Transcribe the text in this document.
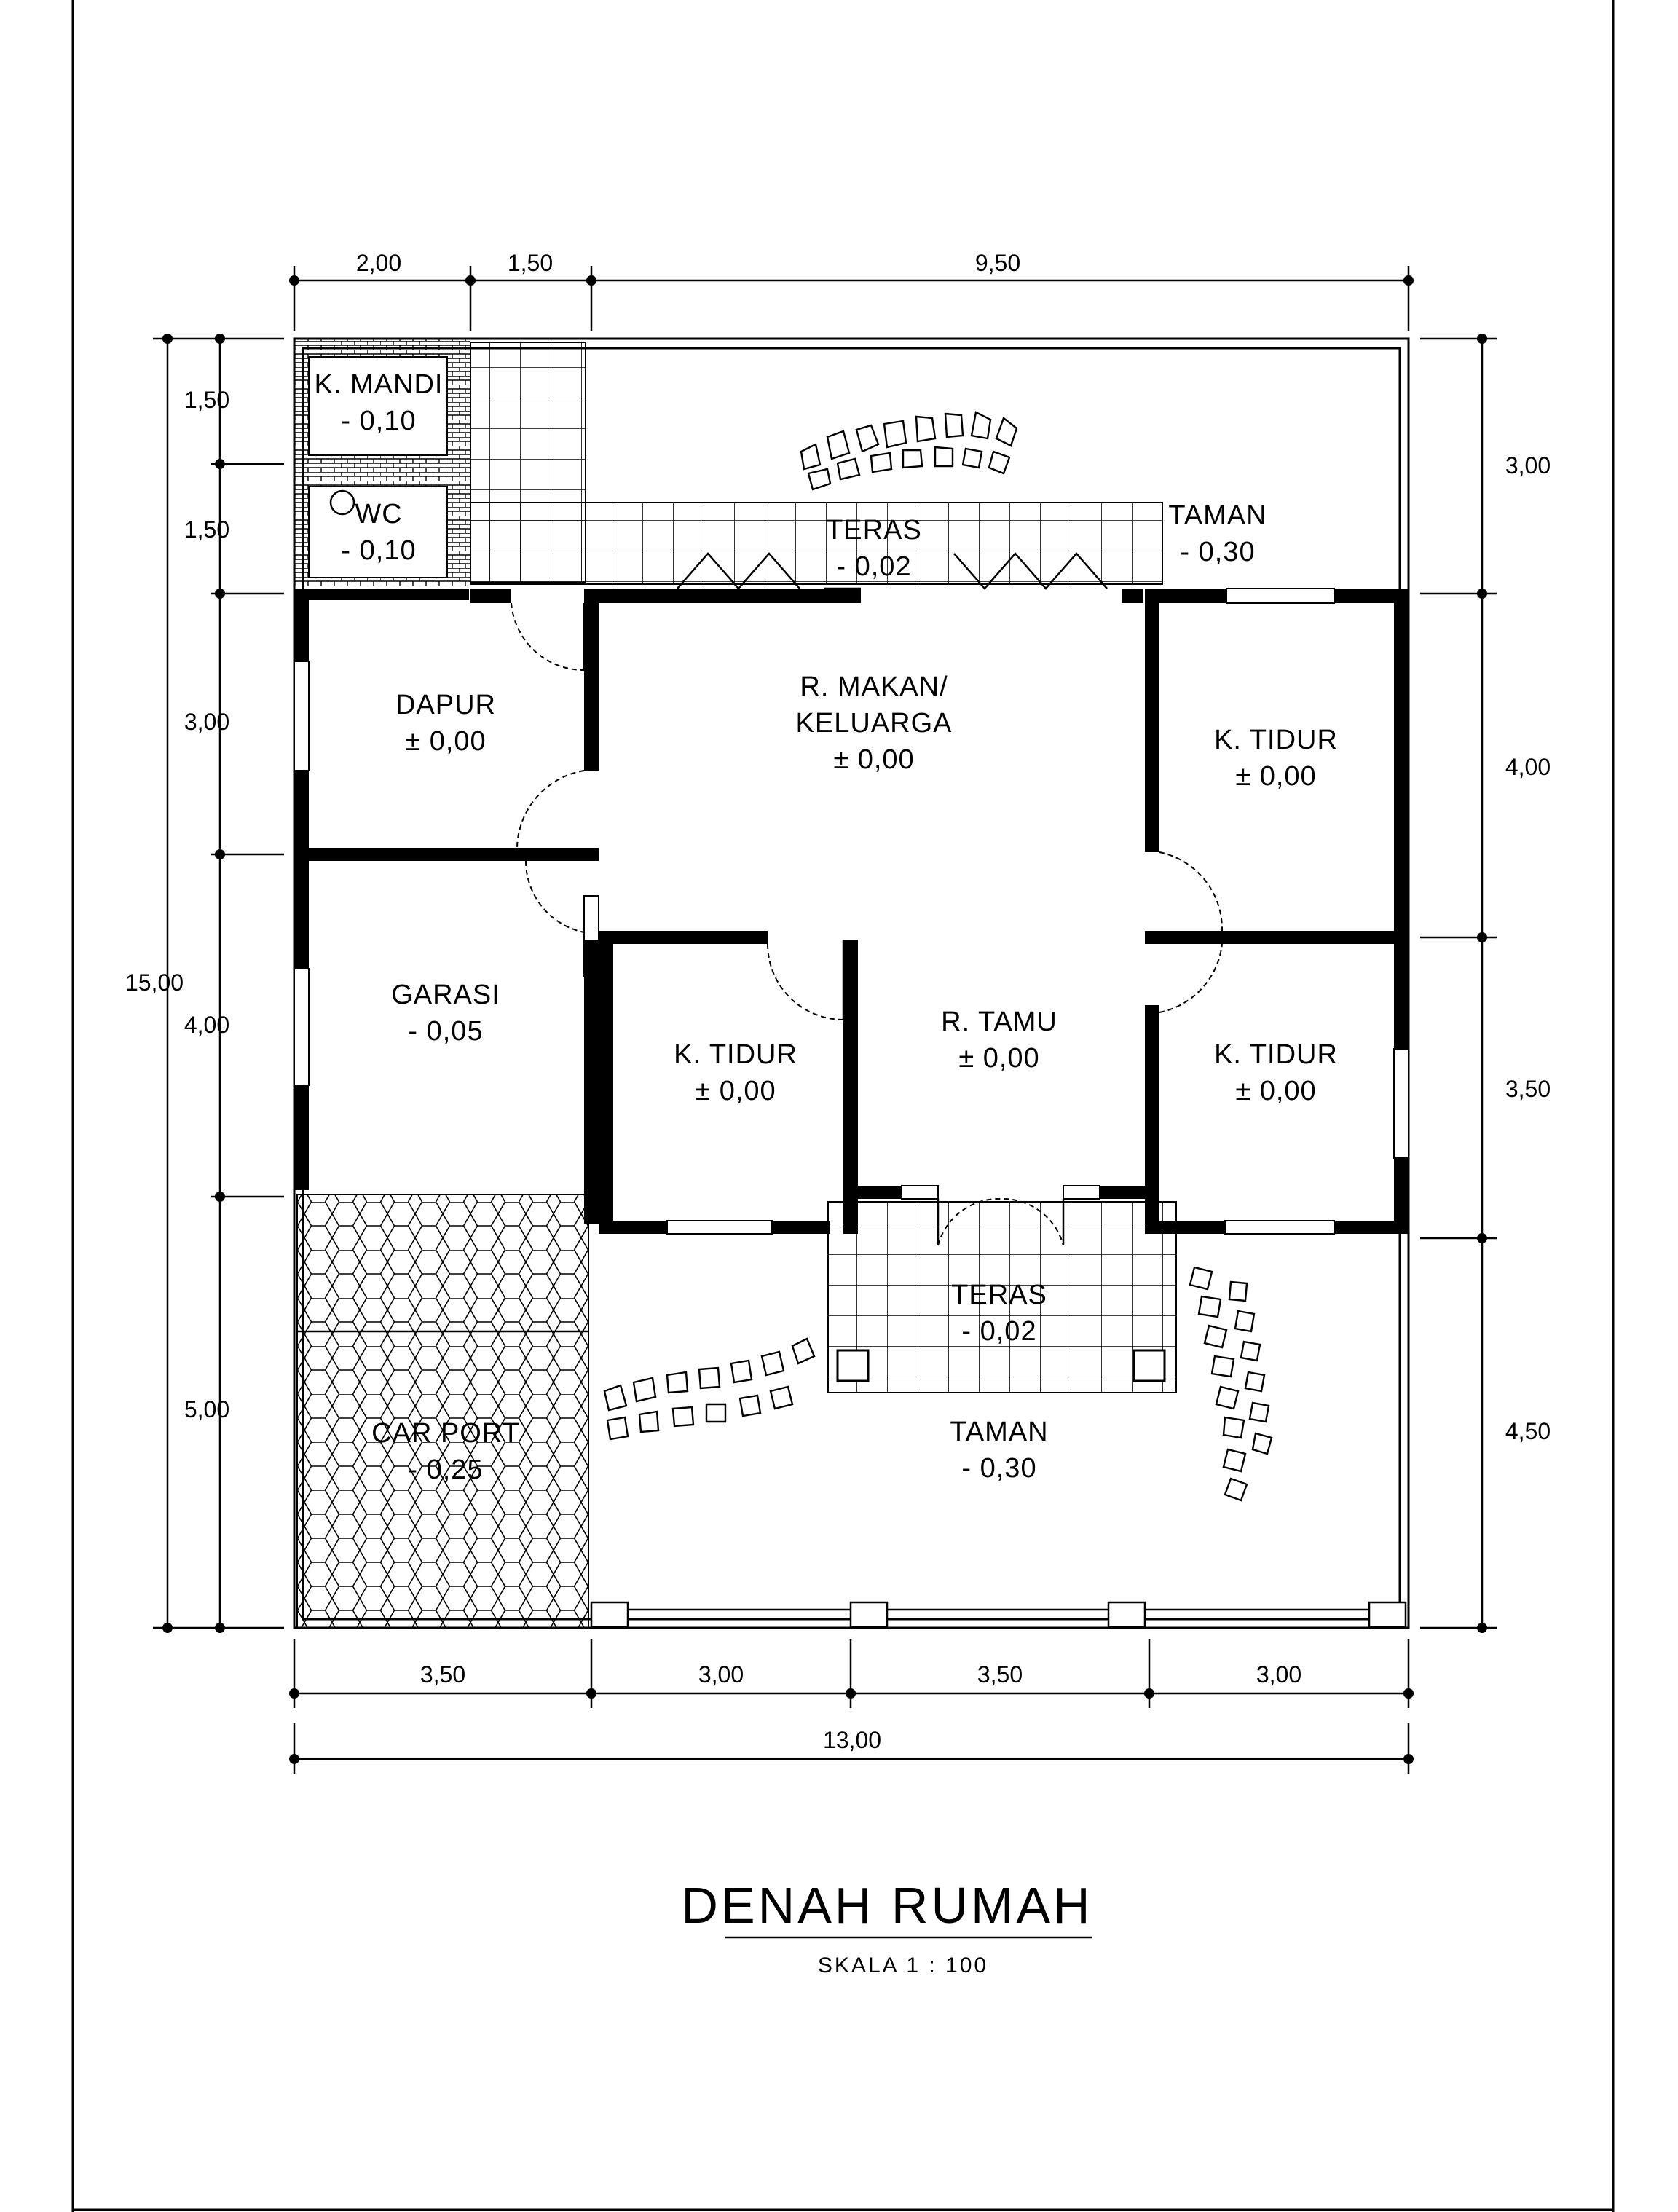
2,00	1,50	9,50
15,00
1,50
1,50
3,00
4,00
5,00
3,00
4,00
3,50
4,50
3,50	3,00	3,50	3,00
13,00
K. MANDI
- 0,10
WC
- 0,10
TERAS
- 0,02
TAMAN
- 0,30
DAPUR
± 0,00
R. MAKAN/
KELUARGA
± 0,00
K. TIDUR
± 0,00
GARASI
- 0,05
K. TIDUR
± 0,00
R. TAMU
± 0,00	K. TIDUR
± 0,00
TERAS
- 0,02
CAR PORT
- 0,25
TAMAN
- 0,30
DENAH RUMAH
SKALA 1 : 100
